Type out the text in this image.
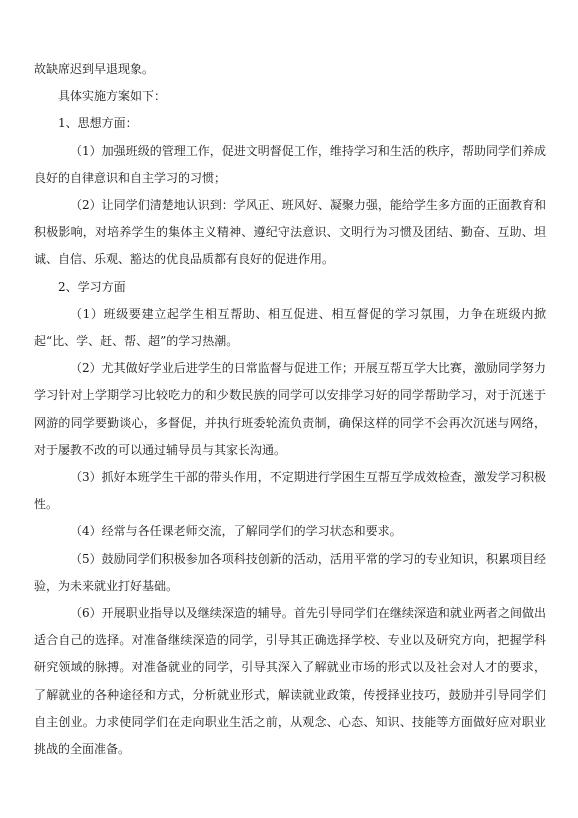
故缺席迟到早退现象。

具体实施方案如下：

1、思想方面：

（1）加强班级的管理工作，促进文明督促工作，维持学习和生活的秩序，帮助同学们养成良好的自律意识和自主学习的习惯；

（2）让同学们清楚地认识到：学风正、班风好、凝聚力强，能给学生多方面的正面教育和积极影响，对培养学生的集体主义精神、遵纪守法意识、文明行为习惯及团结、勤奋、互助、坦诚、自信、乐观、豁达的优良品质都有良好的促进作用。

2、学习方面

（1）班级要建立起学生相互帮助、相互促进、相互督促的学习氛围，力争在班级内掀起“比、学、赶、帮、超”的学习热潮。

（2）尤其做好学业后进学生的日常监督与促进工作；开展互帮互学大比赛，激励同学努力学习针对上学期学习比较吃力的和少数民族的同学可以安排学习好的同学帮助学习，对于沉迷于网游的同学要勤谈心，多督促，并执行班委轮流负责制，确保这样的同学不会再次沉迷与网络，对于屡教不改的可以通过辅导员与其家长沟通。

（3）抓好本班学生干部的带头作用，不定期进行学困生互帮互学成效检查，激发学习积极性。

（4）经常与各任课老师交流，了解同学们的学习状态和要求。

（5）鼓励同学们积极参加各项科技创新的活动，活用平常的学习的专业知识，积累项目经验，为未来就业打好基础。

（6）开展职业指导以及继续深造的辅导。首先引导同学们在继续深造和就业两者之间做出适合自己的选择。对准备继续深造的同学，引导其正确选择学校、专业以及研究方向，把握学科研究领域的脉搏。对准备就业的同学，引导其深入了解就业市场的形式以及社会对人才的要求，了解就业的各种途径和方式，分析就业形式，解读就业政策，传授择业技巧，鼓励并引导同学们自主创业。力求使同学们在走向职业生活之前，从观念、心态、知识、技能等方面做好应对职业挑战的全面准备。
